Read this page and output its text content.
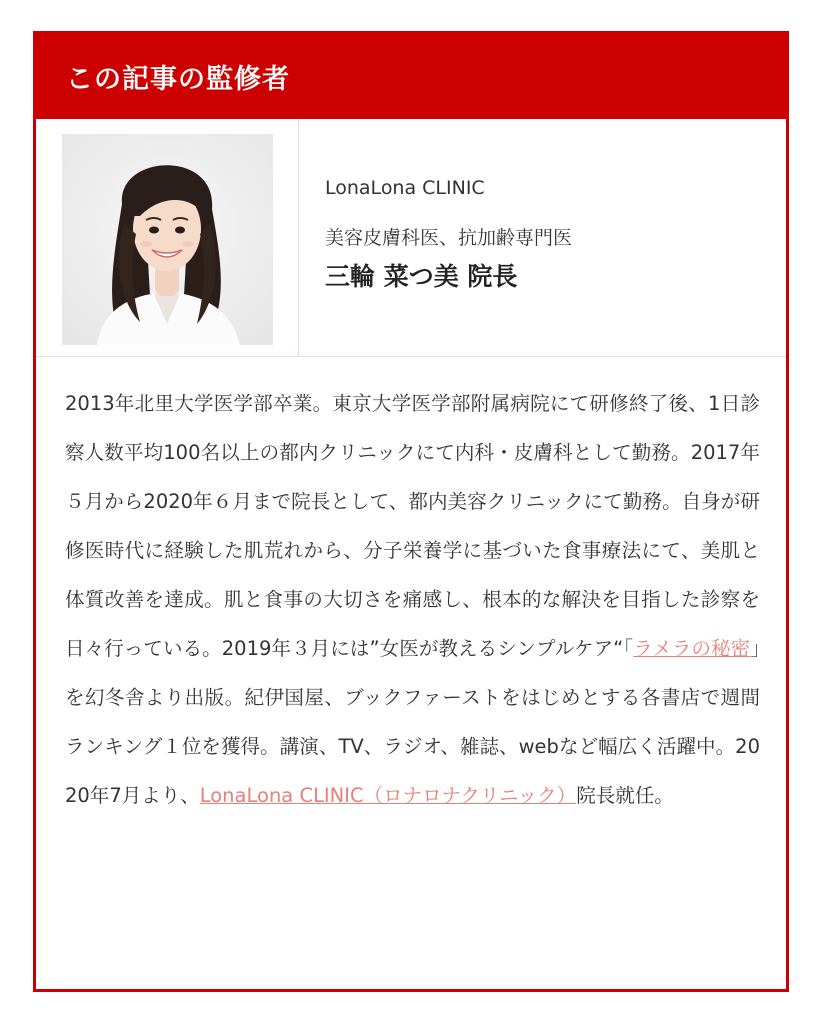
この記事の監修者
LonaLona CLINIC
美容皮膚科医、抗加齢専門医
三輪 菜つ美 院長
2013年北里大学医学部卒業。東京大学医学部附属病院にて研修終了後、1日診察人数平均100名以上の都内クリニックにて内科・皮膚科として勤務。2017年５月から2020年６月まで院長として、都内美容クリニックにて勤務。自身が研修医時代に経験した肌荒れから、分子栄養学に基づいた食事療法にて、美肌と体質改善を達成。肌と食事の大切さを痛感し、根本的な解決を目指した診察を日々行っている。2019年３月には”女医が教えるシンプルケア“「ラメラの秘密」を幻冬舎より出版。紀伊国屋、ブックファーストをはじめとする各書店で週間ランキング１位を獲得。講演、TV、ラジオ、雑誌、webなど幅広く活躍中。2020年7月より、LonaLona CLINIC（ロナロナクリニック）院長就任。
